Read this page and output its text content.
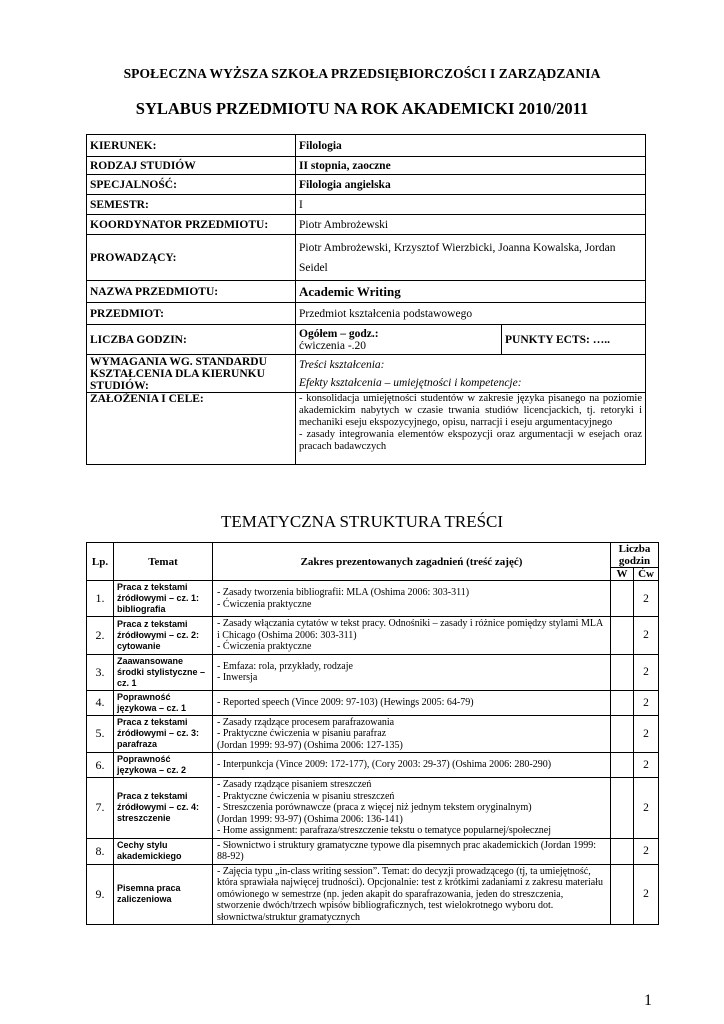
SPOŁECZNA WYŻSZA SZKOŁA PRZEDSIĘBIORCZOŚCI I ZARZĄDZANIA
SYLABUS PRZEDMIOTU NA ROK AKADEMICKI 2010/2011
KIERUNEK:	Filologia	
RODZAJ STUDIÓW	II stopnia, zaoczne	
SPECJALNOŚĆ:	Filologia angielska	
SEMESTR:	I	
KOORDYNATOR PRZEDMIOTU:	Piotr Ambrożewski	
PROWADZĄCY:	Piotr Ambrożewski, Krzysztof Wierzbicki, Joanna Kowalska, Jordan Seidel	
NAZWA PRZEDMIOTU:	Academic Writing	
PRZEDMIOT:	Przedmiot kształcenia podstawowego	
LICZBA GODZIN:	Ogółem – godz.:
ćwiczenia -.20	PUNKTY ECTS: …..
WYMAGANIA WG. STANDARDU KSZTAŁCENIA DLA KIERUNKU STUDIÓW:	Treści kształcenia:
Efekty kształcenia – umiejętności i kompetencje:	

ZAŁOŻENIA I CELE:	- konsolidacja umiejętności studentów w zakresie języka pisanego na poziomie akademickim nabytych w czasie trwania studiów licencjackich, tj. retoryki i mechaniki eseju ekspozycyjnego, opisu, narracji i eseju argumentacyjnego
- zasady integrowania elementów ekspozycji oraz argumentacji w esejach oraz pracach badawczych	
TEMATYCZNA STRUKTURA TREŚCI
Lp.	Temat	Zakres prezentowanych zagadnień (treść zajęć)	Liczba godzin	
			W	Ćw
1.	Praca z tekstami źródłowymi – cz. 1: bibliografia	- Zasady tworzenia bibliografii: MLA (Oshima 2006: 303-311)
- Ćwiczenia praktyczne		2
2.	Praca z tekstami źródłowymi – cz. 2: cytowanie	- Zasady włączania cytatów w tekst pracy. Odnośniki – zasady i różnice pomiędzy stylami MLA i Chicago (Oshima 2006: 303-311)
- Ćwiczenia praktyczne		2
3.	Zaawansowane środki stylistyczne – cz. 1	- Emfaza: rola, przykłady, rodzaje
- Inwersja		2
4.	Poprawność językowa – cz. 1	- Reported speech (Vince 2009: 97-103) (Hewings 2005: 64-79)		2
5.	Praca z tekstami źródłowymi – cz. 3: parafraza	- Zasady rządzące procesem parafrazowania
- Praktyczne ćwiczenia w pisaniu parafraz
(Jordan 1999: 93-97) (Oshima 2006: 127-135)		2
6.	Poprawność językowa – cz. 2	- Interpunkcja (Vince 2009: 172-177), (Cory 2003: 29-37) (Oshima 2006: 280-290)		2
7.	Praca z tekstami źródłowymi – cz. 4: streszczenie	- Zasady rządzące pisaniem streszczeń
- Praktyczne ćwiczenia w pisaniu streszczeń
- Streszczenia porównawcze (praca z więcej niż jednym tekstem oryginalnym)
(Jordan 1999: 93-97) (Oshima 2006: 136-141)
- Home assignment: parafraza/streszczenie tekstu o tematyce popularnej/społecznej		2
8.	Cechy stylu akademickiego	- Słownictwo i struktury gramatyczne typowe dla pisemnych prac akademickich (Jordan 1999: 88-92)		2
9.	Pisemna praca zaliczeniowa	- Zajęcia typu „in-class writing session”. Temat: do decyzji prowadzącego (tj, ta umiejętność, która sprawiała najwięcej trudności). Opcjonalnie: test z krótkimi zadaniami z zakresu materiału omówionego w semestrze (np. jeden akapit do sparafrazowania, jeden do streszczenia, stworzenie dwóch/trzech wpisów bibliograficznych, test wielokrotnego wyboru dot. słownictwa/struktur gramatycznych		2
1
